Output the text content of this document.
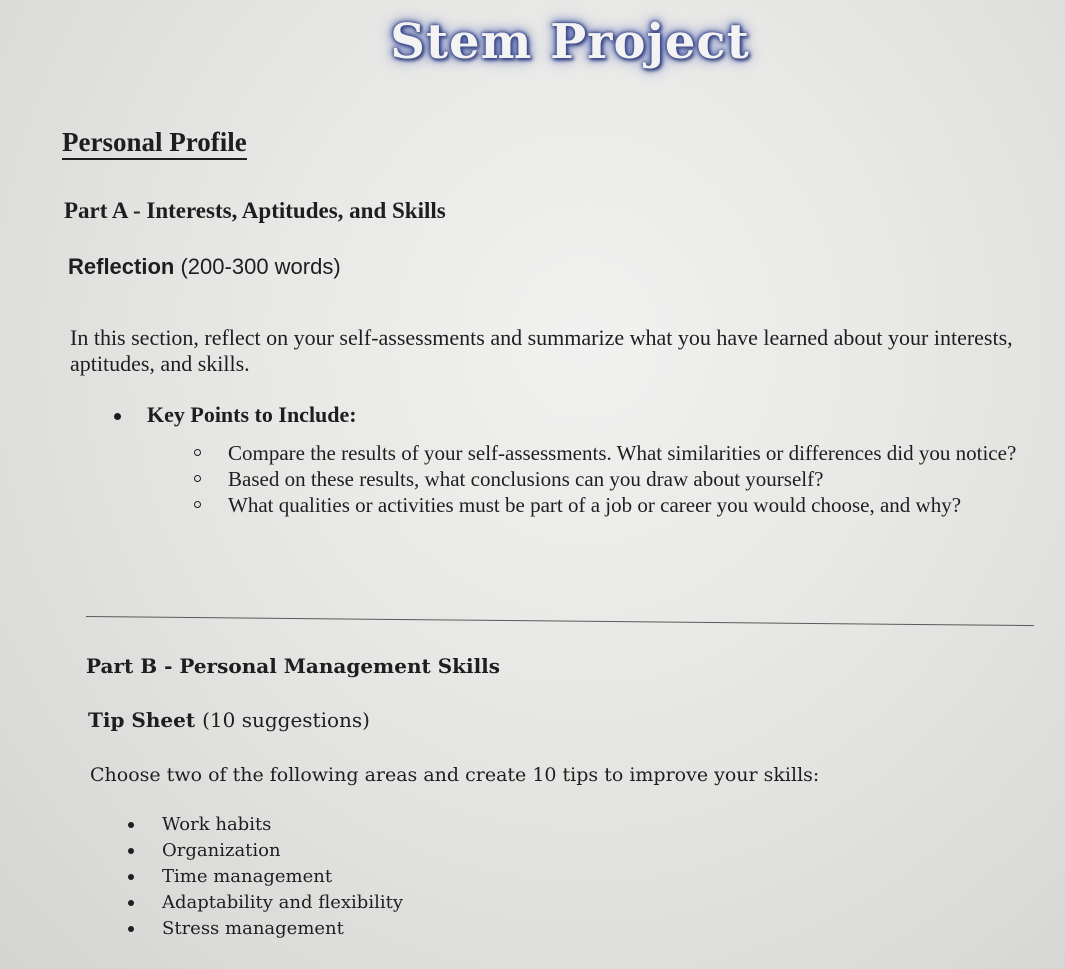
Stem Project
Personal Profile
Part A - Interests, Aptitudes, and Skills
Reflection (200-300 words)
In this section, reflect on your self-assessments and summarize what you have learned about your interests, aptitudes, and skills.
Key Points to Include:
Compare the results of your self-assessments. What similarities or differences did you notice?
Based on these results, what conclusions can you draw about yourself?
What qualities or activities must be part of a job or career you would choose, and why?
Part B - Personal Management Skills
Tip Sheet (10 suggestions)
Choose two of the following areas and create 10 tips to improve your skills:
Work habits
Organization
Time management
Adaptability and flexibility
Stress management
